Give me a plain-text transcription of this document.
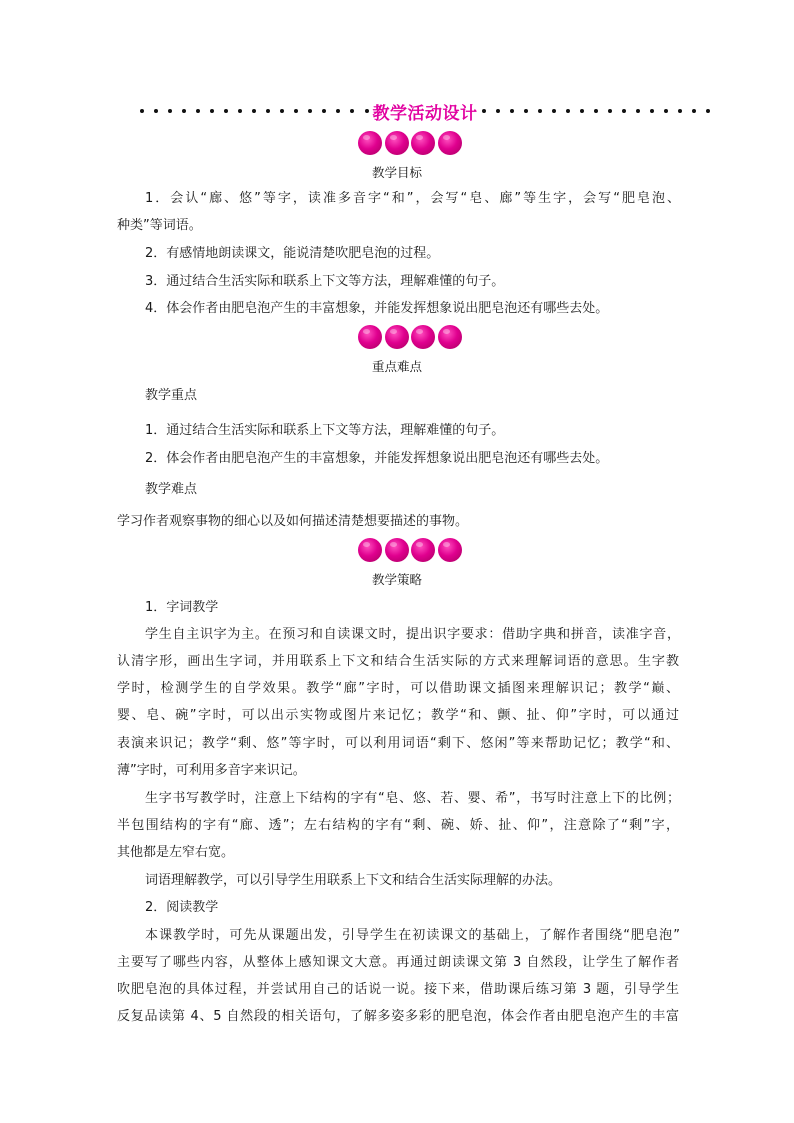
教学活动设计
教学目标
1．会认“廊、悠”等字，读准多音字“和”，会写“皂、廊”等生字，会写“肥皂泡、
种类”等词语。
2．有感情地朗读课文，能说清楚吹肥皂泡的过程。
3．通过结合生活实际和联系上下文等方法，理解难懂的句子。
4．体会作者由肥皂泡产生的丰富想象，并能发挥想象说出肥皂泡还有哪些去处。
重点难点
教学重点
1．通过结合生活实际和联系上下文等方法，理解难懂的句子。
2．体会作者由肥皂泡产生的丰富想象，并能发挥想象说出肥皂泡还有哪些去处。
教学难点
学习作者观察事物的细心以及如何描述清楚想要描述的事物。
教学策略
1．字词教学
学生自主识字为主。在预习和自读课文时，提出识字要求：借助字典和拼音，读准字音，
认清字形，画出生字词，并用联系上下文和结合生活实际的方式来理解词语的意思。生字教
学时，检测学生的自学效果。教学“廊”字时，可以借助课文插图来理解识记；教学“巅、
婴、皂、碗”字时，可以出示实物或图片来记忆；教学“和、颤、扯、仰”字时，可以通过
表演来识记；教学“剩、悠”等字时，可以利用词语“剩下、悠闲”等来帮助记忆；教学“和、
薄”字时，可利用多音字来识记。
生字书写教学时，注意上下结构的字有“皂、悠、若、婴、希”，书写时注意上下的比例；
半包围结构的字有“廊、透”；左右结构的字有“剩、碗、娇、扯、仰”，注意除了“剩”字，
其他都是左窄右宽。
词语理解教学，可以引导学生用联系上下文和结合生活实际理解的办法。
2．阅读教学
本课教学时，可先从课题出发，引导学生在初读课文的基础上，了解作者围绕“肥皂泡”
主要写了哪些内容，从整体上感知课文大意。再通过朗读课文第 3 自然段，让学生了解作者
吹肥皂泡的具体过程，并尝试用自己的话说一说。接下来，借助课后练习第 3 题，引导学生
反复品读第 4、5 自然段的相关语句，了解多姿多彩的肥皂泡，体会作者由肥皂泡产生的丰富
